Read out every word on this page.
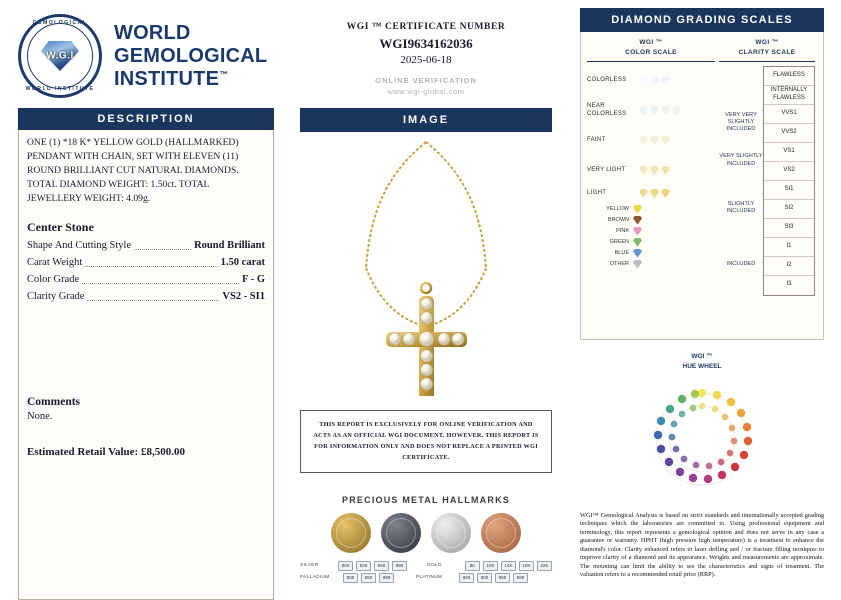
GEMOLOGICAL
W.G.I
WORLD INSTITUTE
WORLD
GEMOLOGICAL
INSTITUTE™
DESCRIPTION
ONE (1) *18 K* YELLOW GOLD (HALLMARKED)
PENDANT WITH CHAIN, SET WITH ELEVEN (11)
ROUND BRILLIANT CUT NATURAL DIAMONDS.
TOTAL DIAMOND WEIGHT: 1.50ct. TOTAL
JEWELLERY WEIGHT: 4.09g.
Center Stone
Shape And Cutting Style	Round Brilliant
Carat Weight	1.50 carat
Color Grade	F - G
Clarity Grade	VS2 - SI1
Comments
None.
Estimated Retail Value: £8,500.00
WGI ™ CERTIFICATE NUMBER
WGI9634162036
2025-06-18
ONLINE VERIFICATION
www.wgi-global.com
IMAGE
THIS REPORT IS EXCLUSIVELY FOR ONLINE VERIFICATION AND ACTS AS AN OFFICIAL WGI DOCUMENT. HOWEVER, THIS REPORT IS FOR INFORMATION ONLY AND DOES NOT REPLACE A PRINTED WGI CERTIFICATE.
PRECIOUS METAL HALLMARKS
SILVER	800	925	958	999	GOLD	9K	10K	14K	18K	22K
PALLADIUM	500	950	999	PLATINUM	850	900	950	999
DIAMOND GRADING SCALES
WGI ™
COLOR SCALE
COLORLESS
NEAR COLORLESS
FAINT
VERY LIGHT
LIGHT
YELLOW
BROWN
PINK
GREEN
BLUE
OTHER
WGI ™
CLARITY SCALE
VERY VERY SLIGHTLY INCLUDED
VERY SLIGHTLY INCLUDED
SLIGHTLY INCLUDED
INCLUDED
FLAWLESS
INTERNALLY FLAWLESS
VVS1
VVS2
VS1
VS2
SI1
SI2
SI3
I1
I2
I3
WGI ™
HUE WHEEL
WGI™ Gemological Analysis is based on strict standards and internationally accepted grading techniques which the laboratories are committed to. Using professional equipment and terminology, this report represents a gemological opinion and does not serve in any case a guarantee or warranty. HPHT (high pressure high temperature) is a treatment to enhance the diamond's color. Clarity enhanced refers to laser drilling and / or fracture filling tecniques to improve clarity of a diamond and its appearance. Weights and measurements are approximate. The mounting can limit the ability to see the characteristics and signs of treatment. The valuation refers to a recommended retail price (RRP).
